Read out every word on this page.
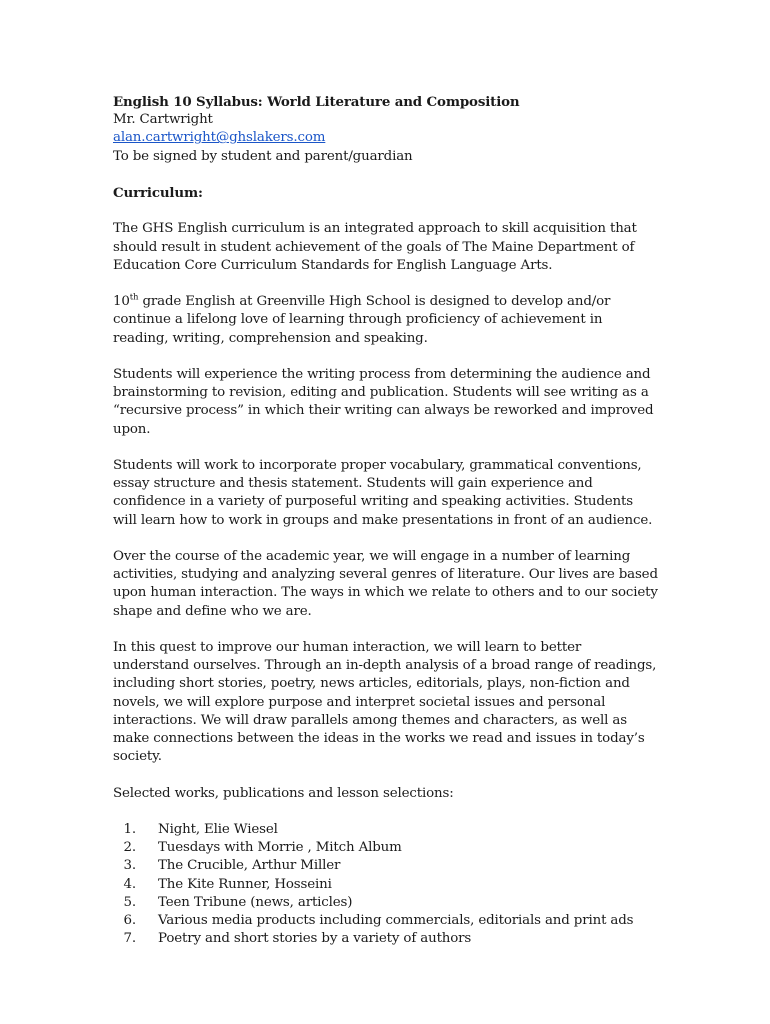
English 10 Syllabus: World Literature and Composition
Mr. Cartwright
alan.cartwright@ghslakers.com
To be signed by student and parent/guardian
Curriculum:

The GHS English curriculum is an integrated approach to skill acquisition that should result in student achievement of the goals of The Maine Department of Education Core Curriculum Standards for English Language Arts.

10th grade English at Greenville High School is designed to develop and/or continue a lifelong love of learning through proficiency of achievement in reading, writing, comprehension and speaking.

Students will experience the writing process from determining the audience and brainstorming to revision, editing and publication. Students will see writing as a “recursive process” in which their writing can always be reworked and improved upon.

Students will work to incorporate proper vocabulary, grammatical conventions, essay structure and thesis statement. Students will gain experience and confidence in a variety of purposeful writing and speaking activities. Students will learn how to work in groups and make presentations in front of an audience.

Over the course of the academic year, we will engage in a number of learning activities, studying and analyzing several genres of literature. Our lives are based upon human interaction. The ways in which we relate to others and to our society shape and define who we are.

In this quest to improve our human interaction, we will learn to better understand ourselves. Through an in-depth analysis of a broad range of readings, including short stories, poetry, news articles, editorials, plays, non-fiction and novels, we will explore purpose and interpret societal issues and personal interactions. We will draw parallels among themes and characters, as well as make connections between the ideas in the works we read and issues in today’s society.

Selected works, publications and lesson selections:
1. Night, Elie Wiesel
2. Tuesdays with Morrie , Mitch Album
3. The Crucible, Arthur Miller
4. The Kite Runner, Hosseini
5. Teen Tribune (news, articles)
6. Various media products including commercials, editorials and print ads
7. Poetry and short stories by a variety of authors
